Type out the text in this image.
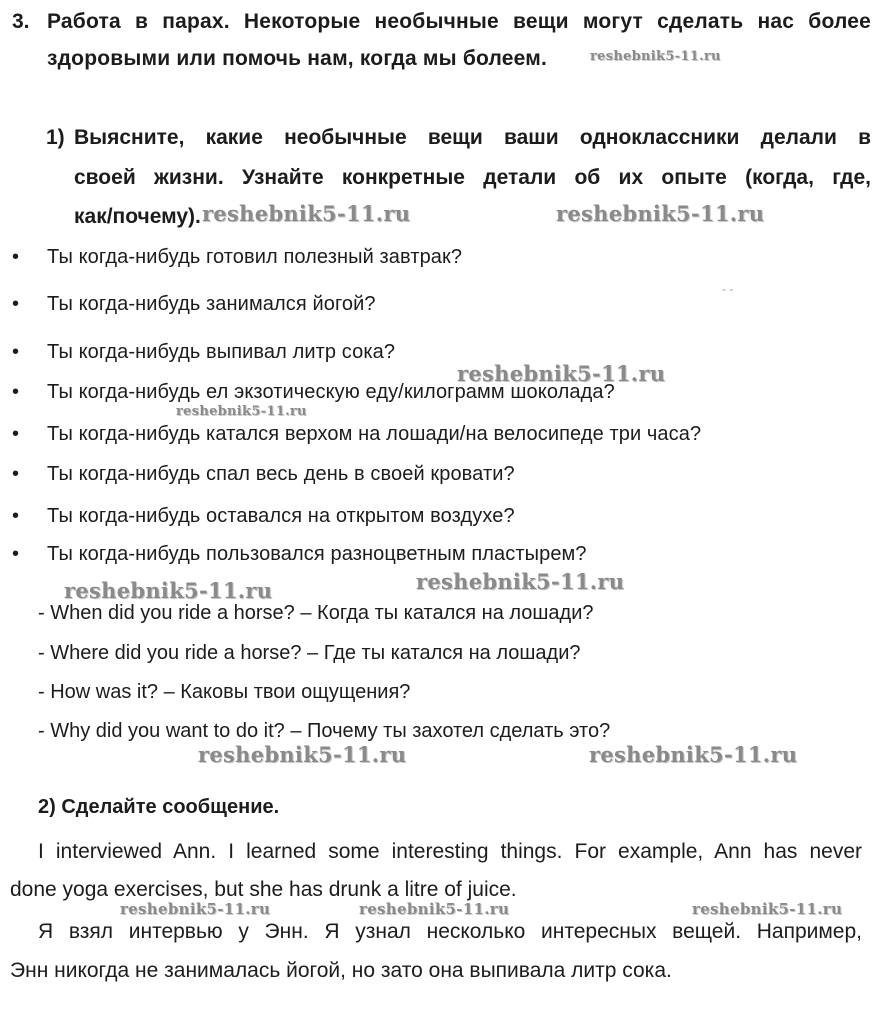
3. Работа в парах. Некоторые необычные вещи могут сделать нас более
здоровыми или помочь нам, когда мы болеем.
1) Выясните, какие необычные вещи ваши одноклассники делали в
своей жизни. Узнайте конкретные детали об их опыте (когда, где,
как/почему).
• Ты когда-нибудь готовил полезный завтрак?
• Ты когда-нибудь занимался йогой?
• Ты когда-нибудь выпивал литр сока?
• Ты когда-нибудь ел экзотическую еду/килограмм шоколада?
• Ты когда-нибудь катался верхом на лошади/на велосипеде три часа?
• Ты когда-нибудь спал весь день в своей кровати?
• Ты когда-нибудь оставался на открытом воздухе?
• Ты когда-нибудь пользовался разноцветным пластырем?
- When did you ride a horse? – Когда ты катался на лошади?
- Where did you ride a horse? – Где ты катался на лошади?
- How was it? – Каковы твои ощущения?
- Why did you want to do it? – Почему ты захотел сделать это?
2) Сделайте сообщение.
I interviewed Ann. I learned some interesting things. For example, Ann has never
done yoga exercises, but she has drunk a litre of juice.
Я взял интервью у Энн. Я узнал несколько интересных вещей. Например,
Энн никогда не занималась йогой, но зато она выпивала литр сока.
- -
reshebnik5-11.ru
reshebnik5-11.ru	reshebnik5-11.ru
reshebnik5-11.ru
reshebnik5-11.ru
reshebnik5-11.ru	reshebnik5-11.ru
reshebnik5-11.ru	reshebnik5-11.ru
reshebnik5-11.ru	reshebnik5-11.ru	reshebnik5-11.ru
